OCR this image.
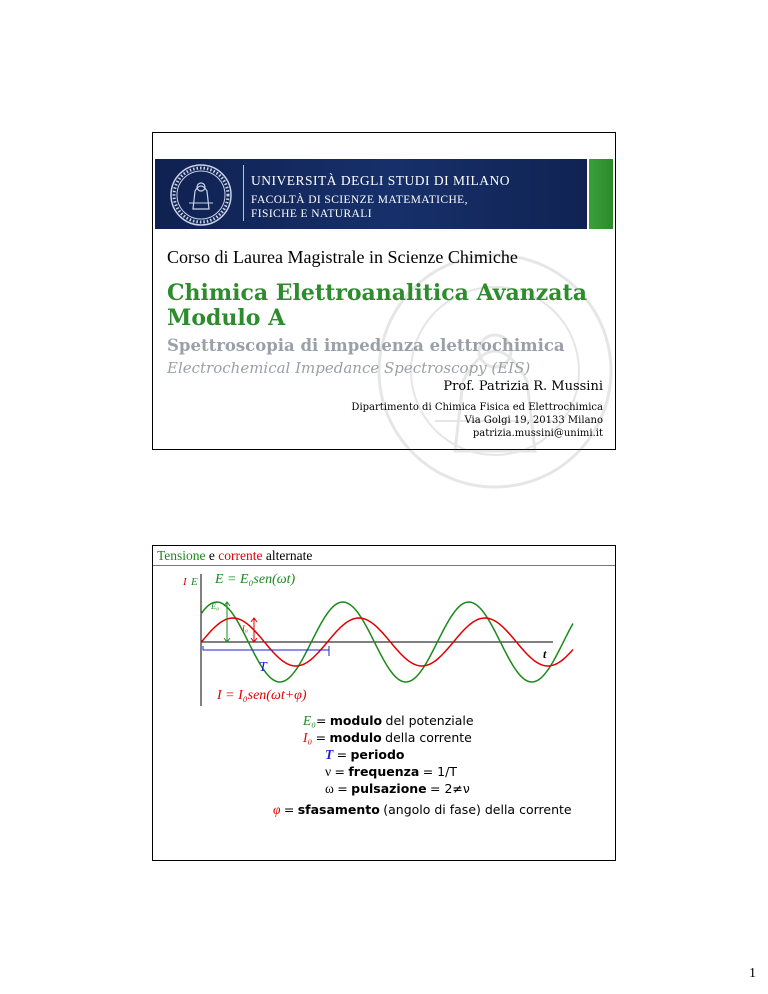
UNIVERSITÀ DEGLI STUDI DI MILANO
FACOLTÀ DI SCIENZE MATEMATICHE,
FISICHE E NATURALI
Corso di Laurea Magistrale in Scienze Chimiche
Chimica Elettroanalitica Avanzata
Modulo A
Spettroscopia di impedenza elettrochimica
Electrochemical Impedance Spectroscopy (EIS)
Prof. Patrizia R. Mussini
Dipartimento di Chimica Fisica ed Elettrochimica
Via Golgi 19, 20133 Milano
patrizia.mussini@unimi.it
Tensione e corrente alternate
I E
E₀
I₀
T
t
E = E₀sen(ωt)
I = I₀sen(ωt+φ)
E₀= modulo del potenziale
I₀ = modulo della corrente
T = periodo
ν = frequenza = 1/T
ω = pulsazione = 2≠ν
φ = sfasamento (angolo di fase) della corrente
1
